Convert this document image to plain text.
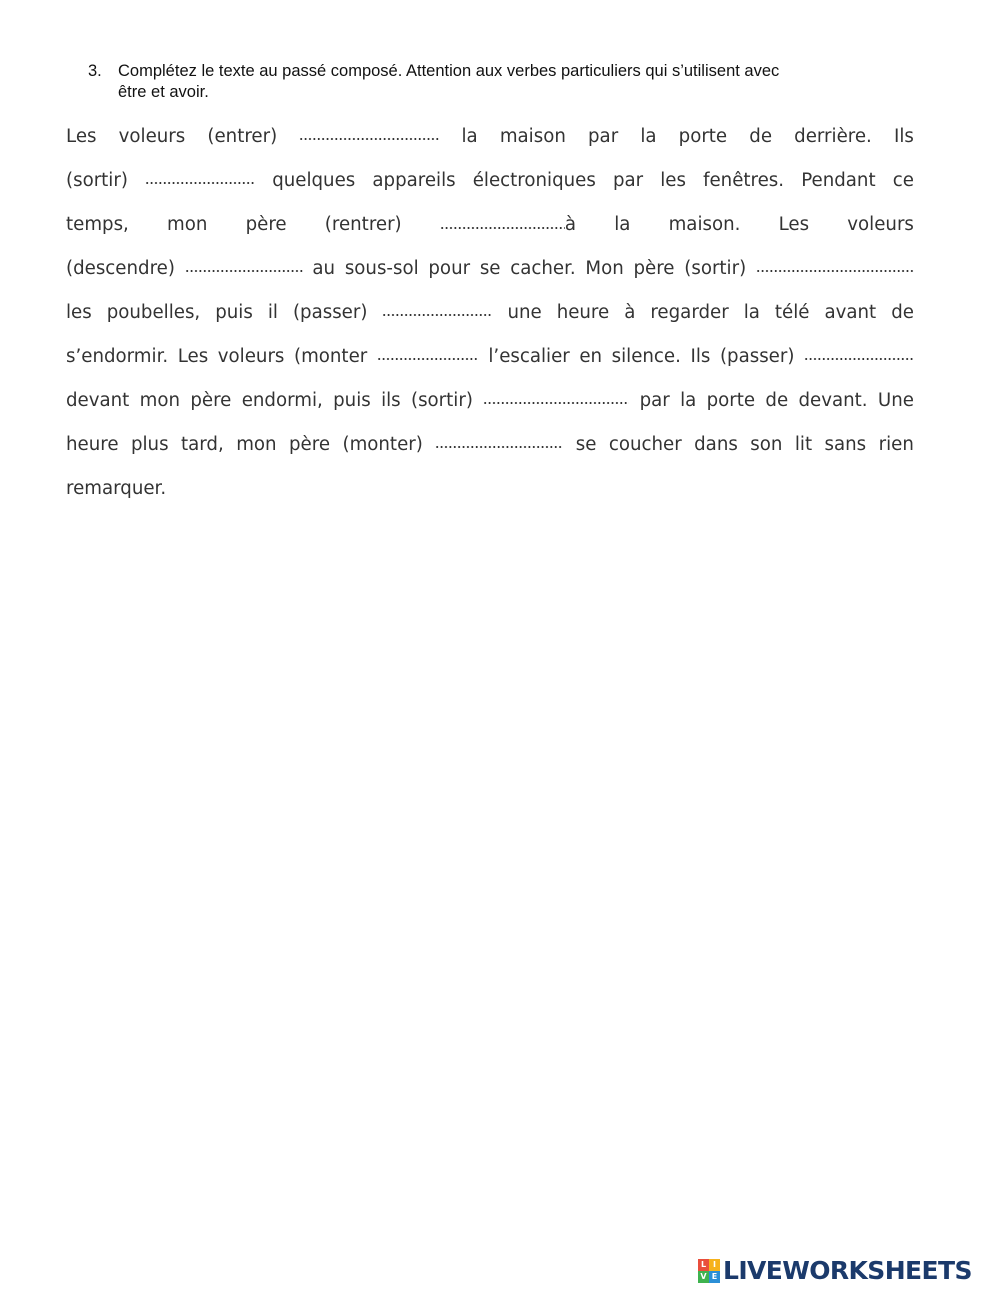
3. Complétez le texte au passé composé. Attention aux verbes particuliers qui s’utilisent avec
être et avoir.
Les voleurs (entrer)	la maison par la porte de derrière. Ils
(sortir)	quelques appareils électroniques par les fenêtres. Pendant ce
temps, mon père (rentrer)	à la maison. Les voleurs
(descendre)	au sous-sol pour se cacher. Mon père (sortir)
les poubelles, puis il (passer)	une heure à regarder la télé avant de
s’endormir. Les voleurs (monter	l’escalier en silence. Ils (passer)
devant mon père endormi, puis ils (sortir)	par la porte de devant. Une
heure plus tard, mon père (monter)	se coucher dans son lit sans rien
remarquer.
L I
V E LIVEWORKSHEETS
